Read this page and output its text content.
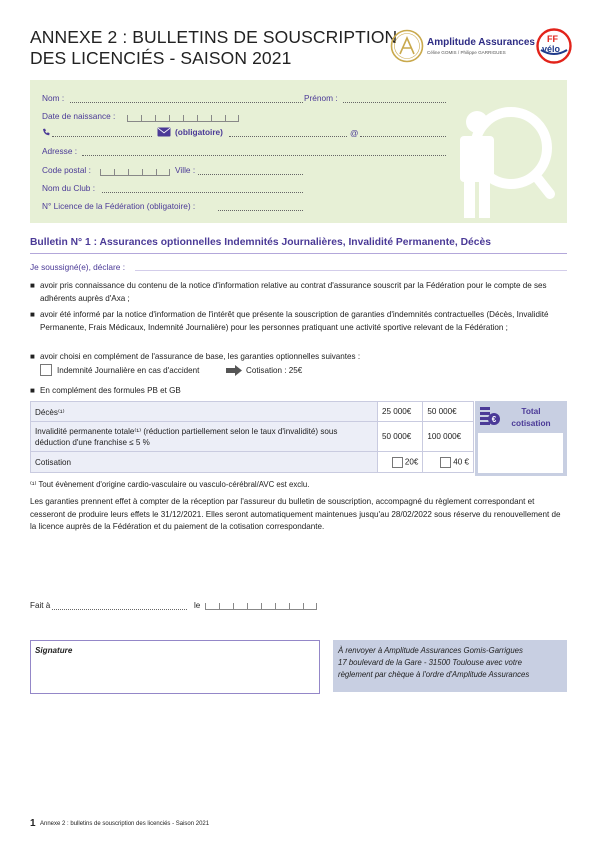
ANNEXE 2 : BULLETINS DE SOUSCRIPTION
DES LICENCIÉS - SAISON 2021
Amplitude Assurances
Céline GOMIS / Philippe GARRIGUES
FF
vélo
Nom :	Prénom :
Date de naissance :
(obligatoire)	@
Adresse :
Code postal :	Ville :
Nom du Club :
N° Licence de la Fédération (obligatoire) :
Bulletin N° 1 : Assurances optionnelles Indemnités Journalières, Invalidité Permanente, Décès
Je soussigné(e), déclare :
■ avoir pris connaissance du contenu de la notice d'information relative au contrat d'assurance souscrit par la Fédération pour le compte de ses adhérents auprès d'Axa ;
■ avoir été informé par la notice d'information de l'intérêt que présente la souscription de garanties d'indemnités contractuelles (Décès, Invalidité Permanente, Frais Médicaux, Indemnité Journalière) pour les personnes pratiquant une activité sportive relevant de la Fédération ;
■ avoir choisi en complément de l'assurance de base, les garanties optionnelles suivantes :
Indemnité Journalière en cas d'accident	Cotisation : 25€
■ En complément des formules PB et GB
Décès⁽¹⁾	25 000€	50 000€
Invalidité permanente totale⁽¹⁾ (réduction partiellement selon le taux d'invalidité) sous déduction d'une franchise ≤ 5 %	50 000€	100 000€
Cotisation	20€	40 €
€
Total cotisation
⁽¹⁾ Tout évènement d'origine cardio-vasculaire ou vasculo-cérébral/AVC est exclu.
Les garanties prennent effet à compter de la réception par l'assureur du bulletin de souscription, accompagné du règlement correspondant et cesseront de produire leurs effets le 31/12/2021. Elles seront automatiquement maintenues jusqu'au 28/02/2022 sous réserve du renouvellement de la licence auprès de la Fédération et du paiement de la cotisation correspondante.
Fait à	le
Signature	À renvoyer à Amplitude Assurances Gomis-Garrigues
17 boulevard de la Gare - 31500 Toulouse avec votre
règlement par chèque à l'ordre d'Amplitude Assurances
1 Annexe 2 : bulletins de souscription des licenciés - Saison 2021
